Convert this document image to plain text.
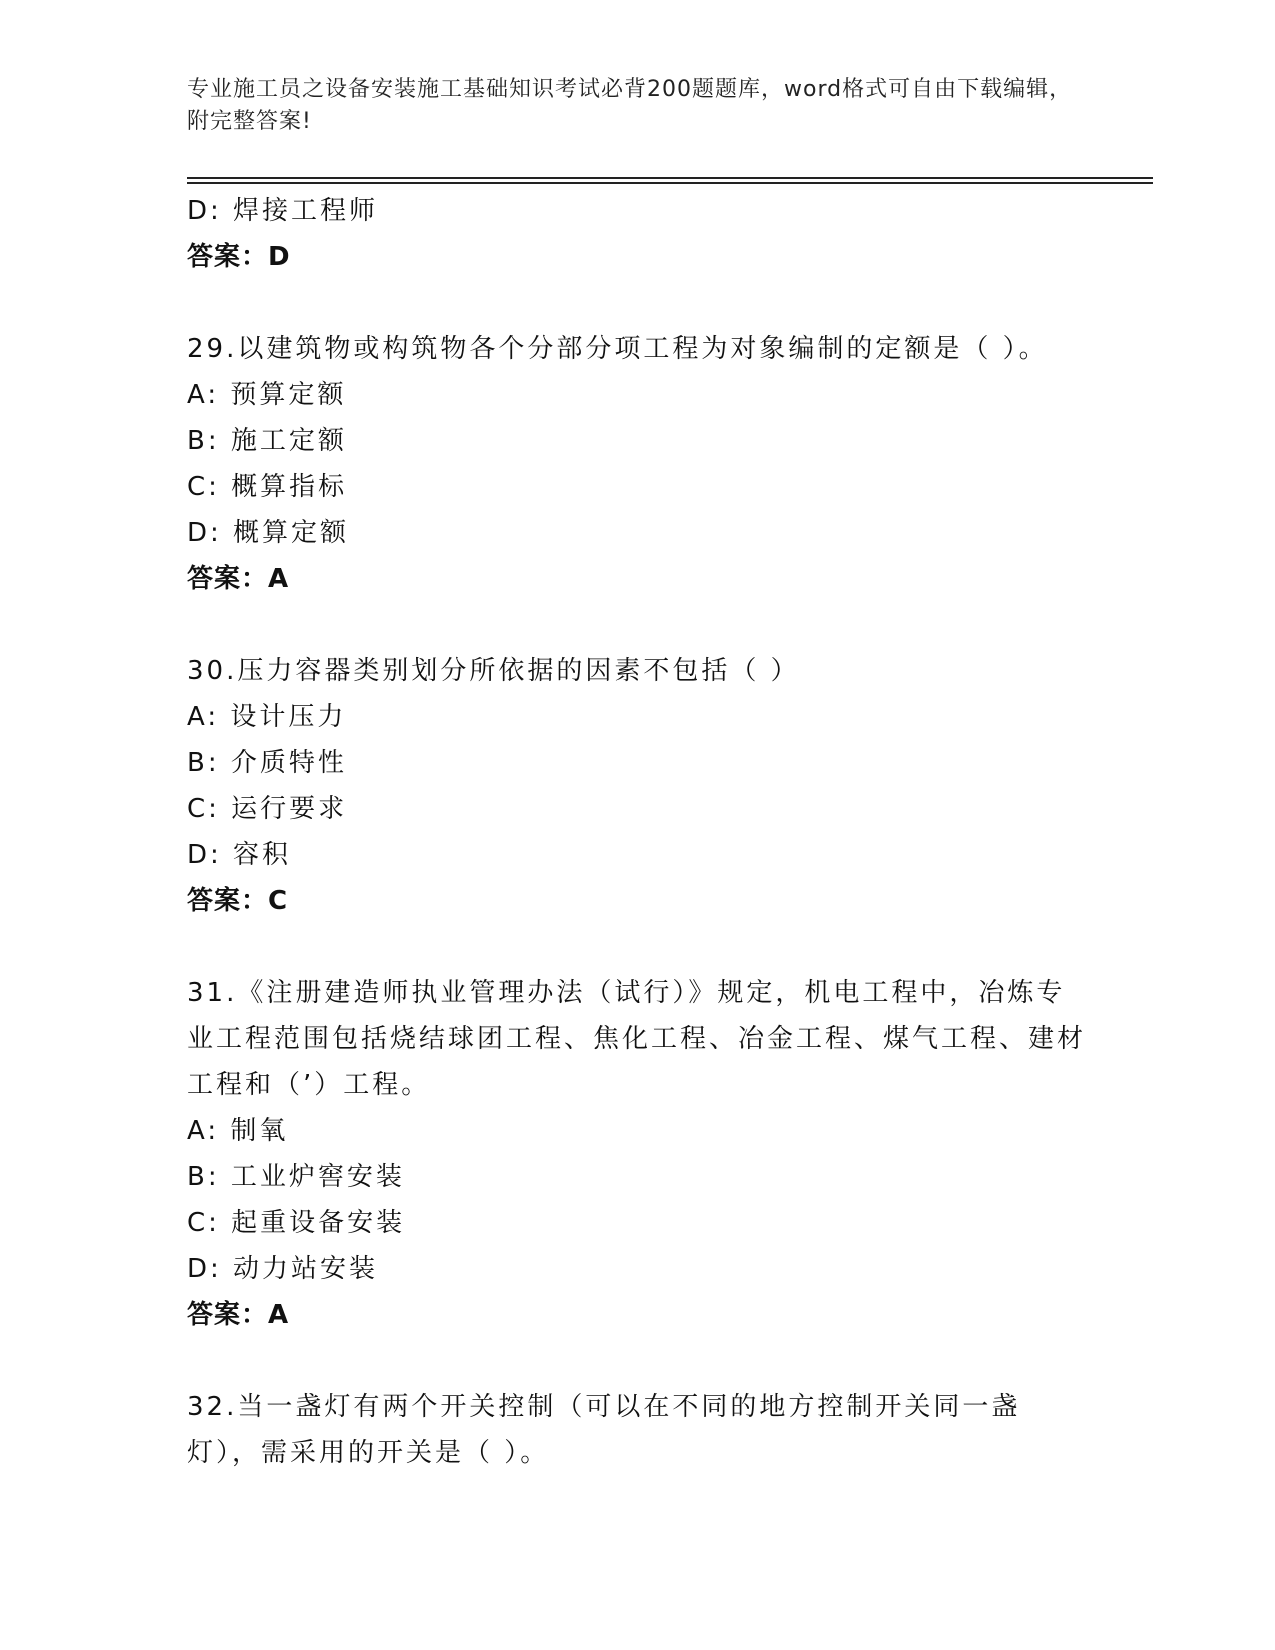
专业施工员之设备安装施工基础知识考试必背200题题库，word格式可自由下载编辑，附完整答案!
D: 焊接工程师
答案：D
29.以建筑物或构筑物各个分部分项工程为对象编制的定额是（ ）。
A: 预算定额
B: 施工定额
C: 概算指标
D: 概算定额
答案：A
30.压力容器类别划分所依据的因素不包括（ ）
A: 设计压力
B: 介质特性
C: 运行要求
D: 容积
答案：C
31.《注册建造师执业管理办法（试行）》规定，机电工程中，冶炼专业工程范围包括烧结球团工程、焦化工程、冶金工程、煤气工程、建材工程和（’）工程。
A: 制氧
B: 工业炉窖安装
C: 起重设备安装
D: 动力站安装
答案：A
32.当一盏灯有两个开关控制（可以在不同的地方控制开关同一盏灯），需采用的开关是（ ）。
